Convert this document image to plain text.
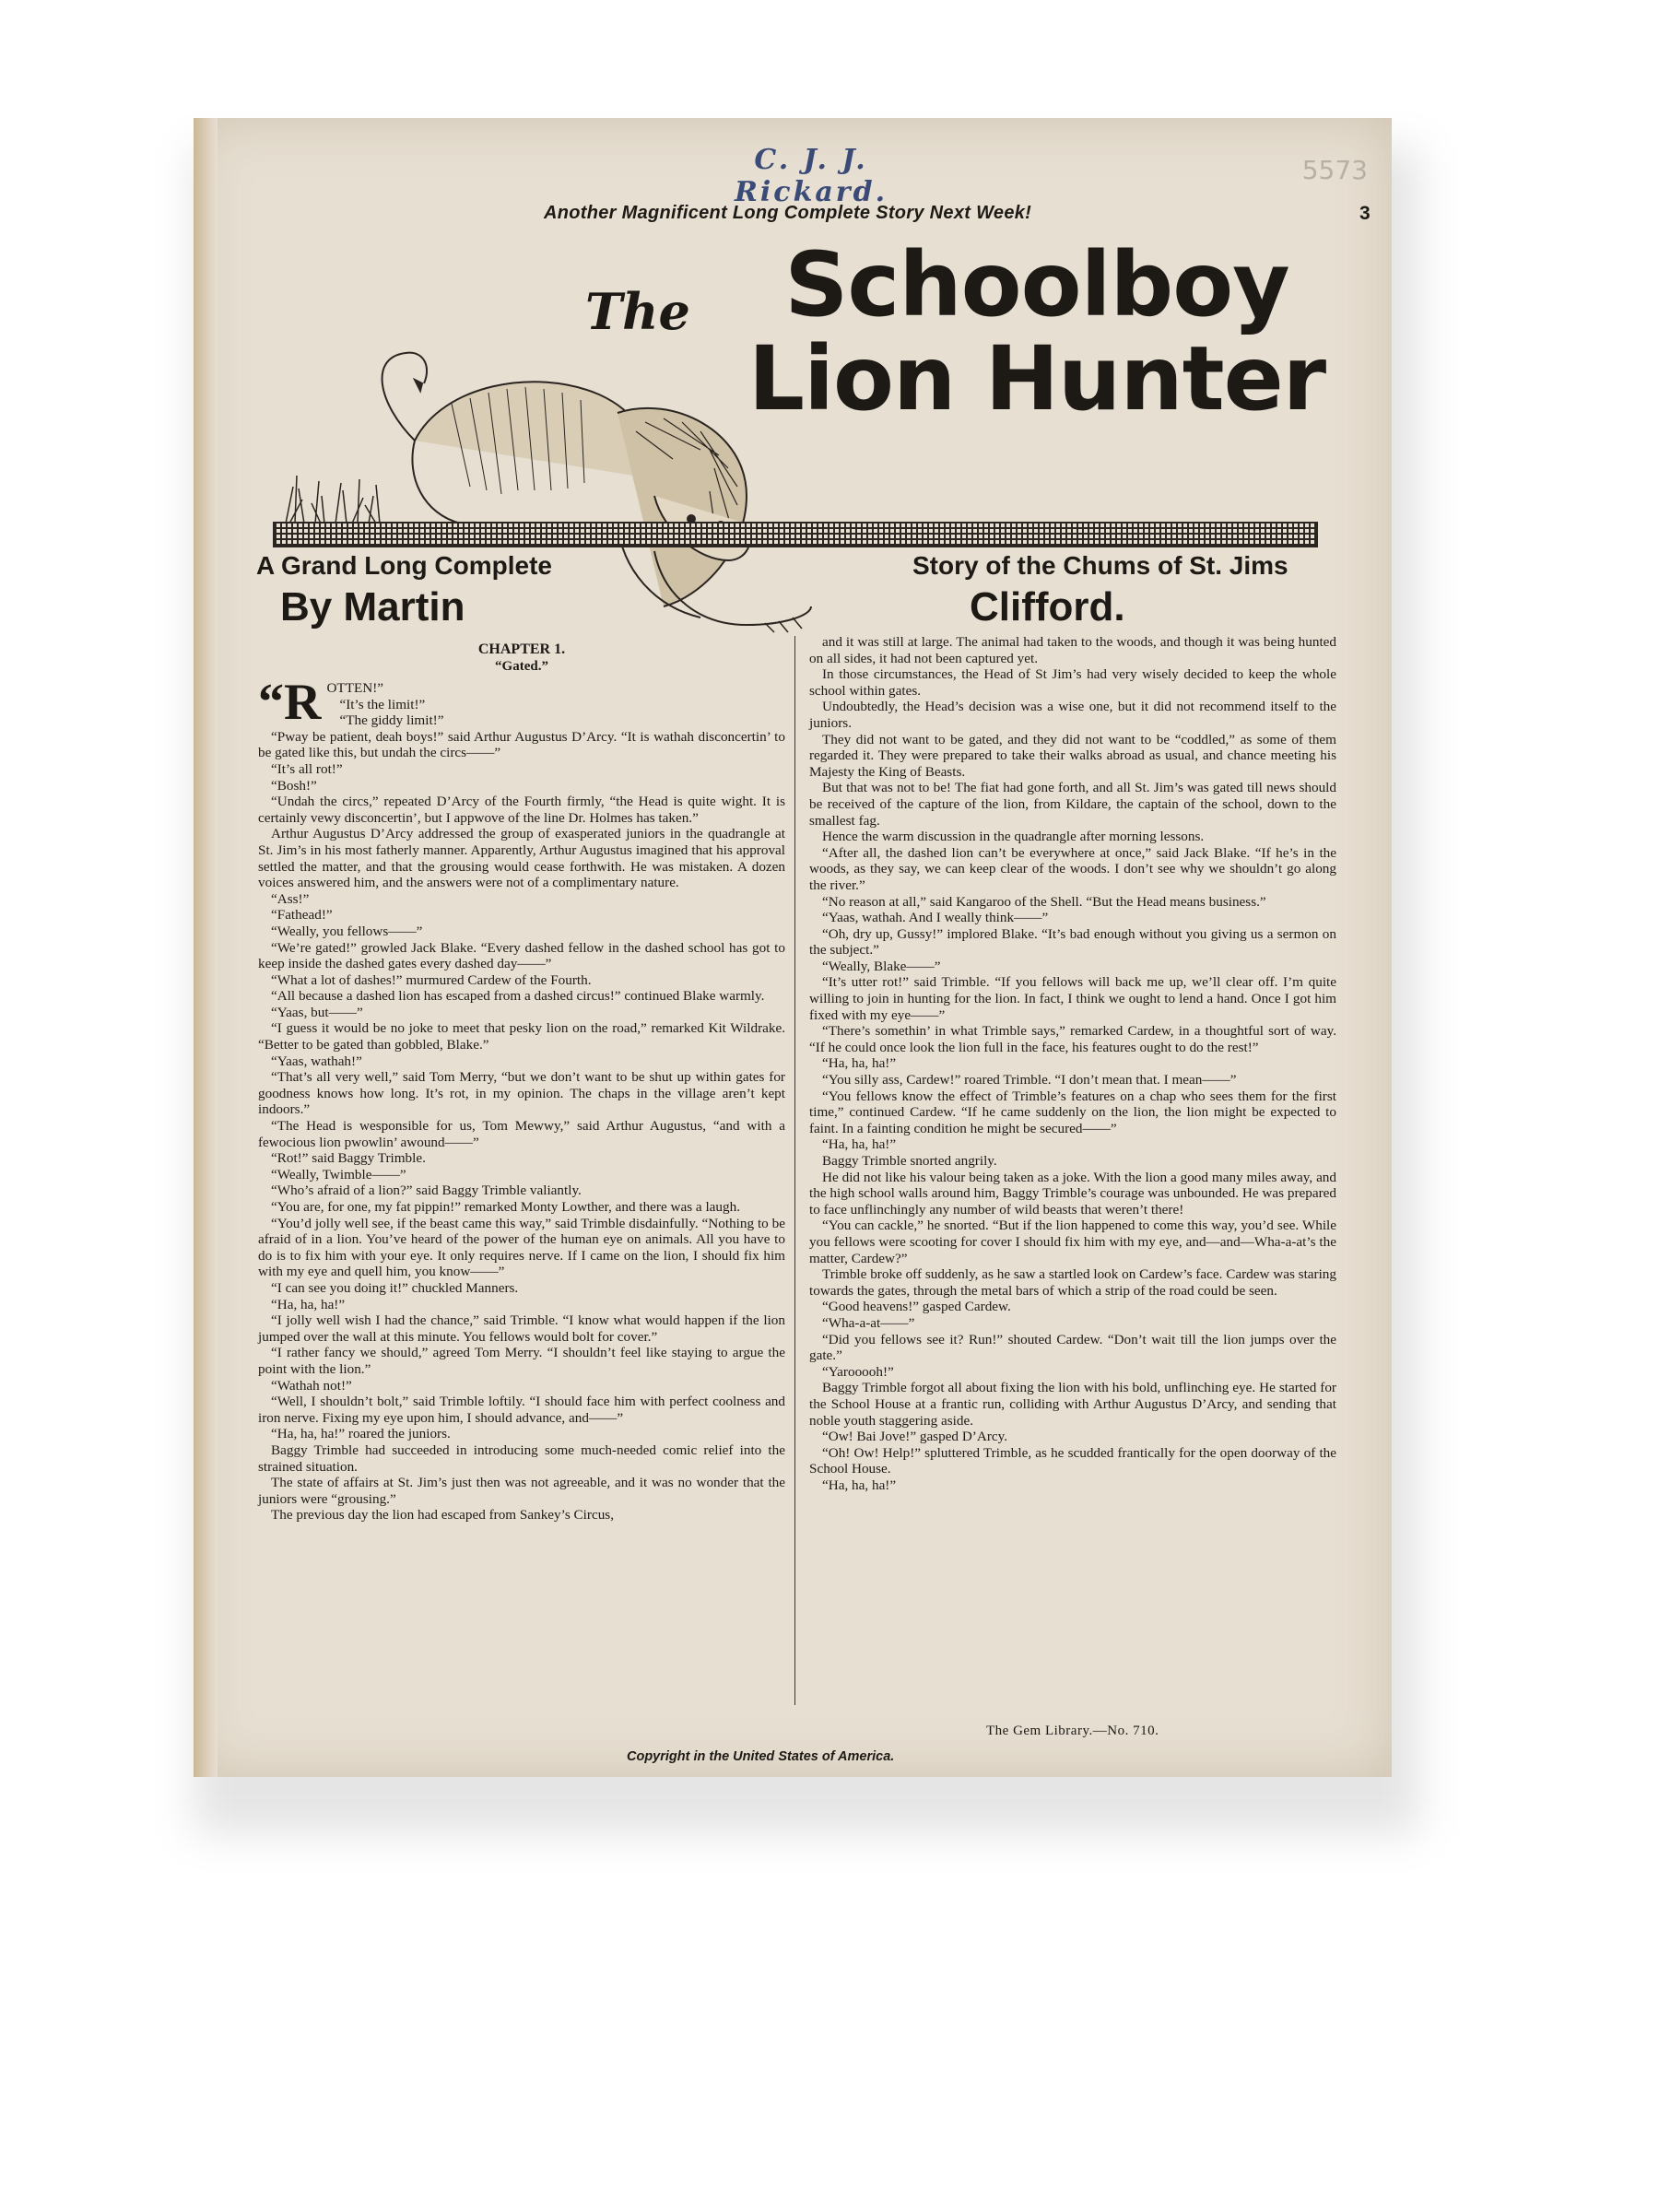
C. J. J. Rickard.
5573
Another Magnificent Long Complete Story Next Week!	3
The	Schoolboy
Lion Hunter
A Grand Long Complete	Story of the Chums of St. Jims
By Martin	Clifford.
CHAPTER 1.
“Gated.”
“R OTTEN!”

“It’s the limit!”

“The giddy limit!”

“Pway be patient, deah boys!” said Arthur Augustus D’Arcy. “It is wathah disconcertin’ to be gated like this, but undah the circs——”

“It’s all rot!”

“Bosh!”

“Undah the circs,” repeated D’Arcy of the Fourth firmly, “the Head is quite wight. It is certainly vewy disconcertin’, but I appwove of the line Dr. Holmes has taken.”

Arthur Augustus D’Arcy addressed the group of exasperated juniors in the quadrangle at St. Jim’s in his most fatherly manner. Apparently, Arthur Augustus imagined that his approval settled the matter, and that the grousing would cease forthwith. He was mistaken. A dozen voices answered him, and the answers were not of a complimentary nature.

“Ass!”

“Fathead!”

“Weally, you fellows——”

“We’re gated!” growled Jack Blake. “Every dashed fellow in the dashed school has got to keep inside the dashed gates every dashed day——”

“What a lot of dashes!” murmured Cardew of the Fourth.

“All because a dashed lion has escaped from a dashed circus!” continued Blake warmly.

“Yaas, but——”

“I guess it would be no joke to meet that pesky lion on the road,” remarked Kit Wildrake. “Better to be gated than gobbled, Blake.”

“Yaas, wathah!”

“That’s all very well,” said Tom Merry, “but we don’t want to be shut up within gates for goodness knows how long. It’s rot, in my opinion. The chaps in the village aren’t kept indoors.”

“The Head is wesponsible for us, Tom Mewwy,” said Arthur Augustus, “and with a fewocious lion pwowlin’ awound——”

“Rot!” said Baggy Trimble.

“Weally, Twimble——”

“Who’s afraid of a lion?” said Baggy Trimble valiantly.

“You are, for one, my fat pippin!” remarked Monty Lowther, and there was a laugh.

“You’d jolly well see, if the beast came this way,” said Trimble disdainfully. “Nothing to be afraid of in a lion. You’ve heard of the power of the human eye on animals. All you have to do is to fix him with your eye. It only requires nerve. If I came on the lion, I should fix him with my eye and quell him, you know——”

“I can see you doing it!” chuckled Manners.

“Ha, ha, ha!”

“I jolly well wish I had the chance,” said Trimble. “I know what would happen if the lion jumped over the wall at this minute. You fellows would bolt for cover.”

“I rather fancy we should,” agreed Tom Merry. “I shouldn’t feel like staying to argue the point with the lion.”

“Wathah not!”

“Well, I shouldn’t bolt,” said Trimble loftily. “I should face him with perfect coolness and iron nerve. Fixing my eye upon him, I should advance, and——”

“Ha, ha, ha!” roared the juniors.

Baggy Trimble had succeeded in introducing some much-needed comic relief into the strained situation.

The state of affairs at St. Jim’s just then was not agreeable, and it was no wonder that the juniors were “grousing.”

The previous day the lion had escaped from Sankey’s Circus,

and it was still at large. The animal had taken to the woods, and though it was being hunted on all sides, it had not been captured yet.

In those circumstances, the Head of St Jim’s had very wisely decided to keep the whole school within gates.

Undoubtedly, the Head’s decision was a wise one, but it did not recommend itself to the juniors.

They did not want to be gated, and they did not want to be “coddled,” as some of them regarded it. They were prepared to take their walks abroad as usual, and chance meeting his Majesty the King of Beasts.

But that was not to be! The fiat had gone forth, and all St. Jim’s was gated till news should be received of the capture of the lion, from Kildare, the captain of the school, down to the smallest fag.

Hence the warm discussion in the quadrangle after morning lessons.

“After all, the dashed lion can’t be everywhere at once,” said Jack Blake. “If he’s in the woods, as they say, we can keep clear of the woods. I don’t see why we shouldn’t go along the river.”

“No reason at all,” said Kangaroo of the Shell. “But the Head means business.”

“Yaas, wathah. And I weally think——”

“Oh, dry up, Gussy!” implored Blake. “It’s bad enough without you giving us a sermon on the subject.”

“Weally, Blake——”

“It’s utter rot!” said Trimble. “If you fellows will back me up, we’ll clear off. I’m quite willing to join in hunting for the lion. In fact, I think we ought to lend a hand. Once I got him fixed with my eye——”

“There’s somethin’ in what Trimble says,” remarked Cardew, in a thoughtful sort of way. “If he could once look the lion full in the face, his features ought to do the rest!”

“Ha, ha, ha!”

“You silly ass, Cardew!” roared Trimble. “I don’t mean that. I mean——”

“You fellows know the effect of Trimble’s features on a chap who sees them for the first time,” continued Cardew. “If he came suddenly on the lion, the lion might be expected to faint. In a fainting condition he might be secured——”

“Ha, ha, ha!”

Baggy Trimble snorted angrily.

He did not like his valour being taken as a joke. With the lion a good many miles away, and the high school walls around him, Baggy Trimble’s courage was unbounded. He was prepared to face unflinchingly any number of wild beasts that weren’t there!

“You can cackle,” he snorted. “But if the lion happened to come this way, you’d see. While you fellows were scooting for cover I should fix him with my eye, and—and—Wha-a-at’s the matter, Cardew?”

Trimble broke off suddenly, as he saw a startled look on Cardew’s face. Cardew was staring towards the gates, through the metal bars of which a strip of the road could be seen.

“Good heavens!” gasped Cardew.

“Wha-a-at——”

“Did you fellows see it? Run!” shouted Cardew. “Don’t wait till the lion jumps over the gate.”

“Yarooooh!”

Baggy Trimble forgot all about fixing the lion with his bold, unflinching eye. He started for the School House at a frantic run, colliding with Arthur Augustus D’Arcy, and sending that noble youth staggering aside.

“Ow! Bai Jove!” gasped D’Arcy.

“Oh! Ow! Help!” spluttered Trimble, as he scudded frantically for the open doorway of the School House.

“Ha, ha, ha!”

The Gem Library.—No. 710.
Copyright in the United States of America.
